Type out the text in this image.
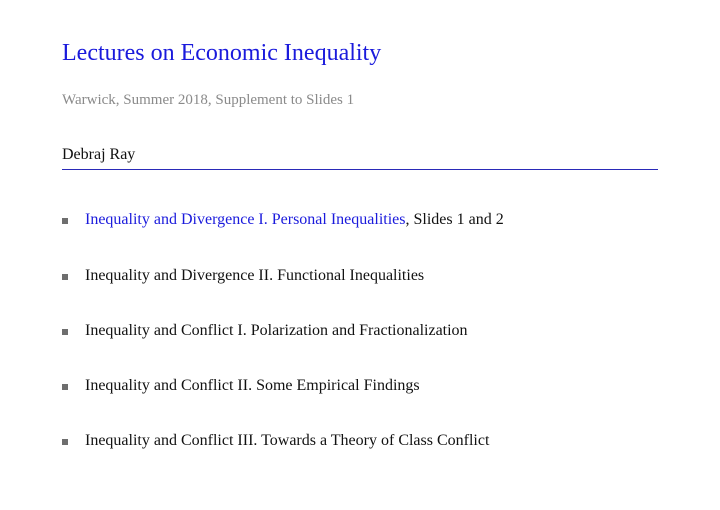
Lectures on Economic Inequality
Warwick, Summer 2018, Supplement to Slides 1
Debraj Ray
Inequality and Divergence I. Personal Inequalities, Slides 1 and 2
Inequality and Divergence II. Functional Inequalities
Inequality and Conflict I. Polarization and Fractionalization
Inequality and Conflict II. Some Empirical Findings
Inequality and Conflict III. Towards a Theory of Class Conflict
